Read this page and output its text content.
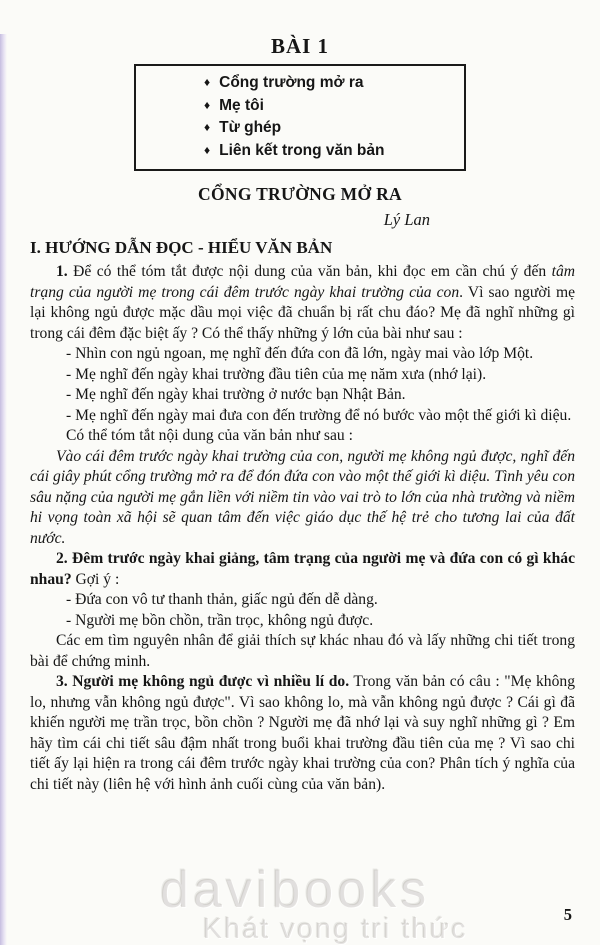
BÀI 1
♦ Cổng trường mở ra
♦ Mẹ tôi
♦ Từ ghép
♦ Liên kết trong văn bản
CỔNG TRƯỜNG MỞ RA
Lý Lan
I. HƯỚNG DẪN ĐỌC - HIỂU VĂN BẢN

1. Để có thể tóm tắt được nội dung của văn bản, khi đọc em cần chú ý đến tâm trạng của người mẹ trong cái đêm trước ngày khai trường của con. Vì sao người mẹ lại không ngủ được mặc dầu mọi việc đã chuẩn bị rất chu đáo? Mẹ đã nghĩ những gì trong cái đêm đặc biệt ấy ? Có thể thấy những ý lớn của bài như sau :

- Nhìn con ngủ ngoan, mẹ nghĩ đến đứa con đã lớn, ngày mai vào lớp Một.

- Mẹ nghĩ đến ngày khai trường đầu tiên của mẹ năm xưa (nhớ lại).

- Mẹ nghĩ đến ngày khai trường ở nước bạn Nhật Bản.

- Mẹ nghĩ đến ngày mai đưa con đến trường để nó bước vào một thế giới kì diệu.

Có thể tóm tắt nội dung của văn bản như sau :

Vào cái đêm trước ngày khai trường của con, người mẹ không ngủ được, nghĩ đến cái giây phút cổng trường mở ra để đón đứa con vào một thế giới kì diệu. Tình yêu con sâu nặng của người mẹ gắn liền với niềm tin vào vai trò to lớn của nhà trường và niềm hi vọng toàn xã hội sẽ quan tâm đến việc giáo dục thế hệ trẻ cho tương lai của đất nước.

2. Đêm trước ngày khai giảng, tâm trạng của người mẹ và đứa con có gì khác nhau? Gợi ý :

- Đứa con vô tư thanh thản, giấc ngủ đến dễ dàng.

- Người mẹ bồn chồn, trần trọc, không ngủ được.

Các em tìm nguyên nhân để giải thích sự khác nhau đó và lấy những chi tiết trong bài để chứng minh.

3. Người mẹ không ngủ được vì nhiều lí do. Trong văn bản có câu : "Mẹ không lo, nhưng vẫn không ngủ được". Vì sao không lo, mà vẫn không ngủ được ? Cái gì đã khiến người mẹ trần trọc, bồn chồn ? Người mẹ đã nhớ lại và suy nghĩ những gì ? Em hãy tìm cái chi tiết sâu đậm nhất trong buổi khai trường đầu tiên của mẹ ? Vì sao chi tiết ấy lại hiện ra trong cái đêm trước ngày khai trường của con? Phân tích ý nghĩa của chi tiết này (liên hệ với hình ảnh cuối cùng của văn bản).

davibooks
Khát vọng tri thức	5
